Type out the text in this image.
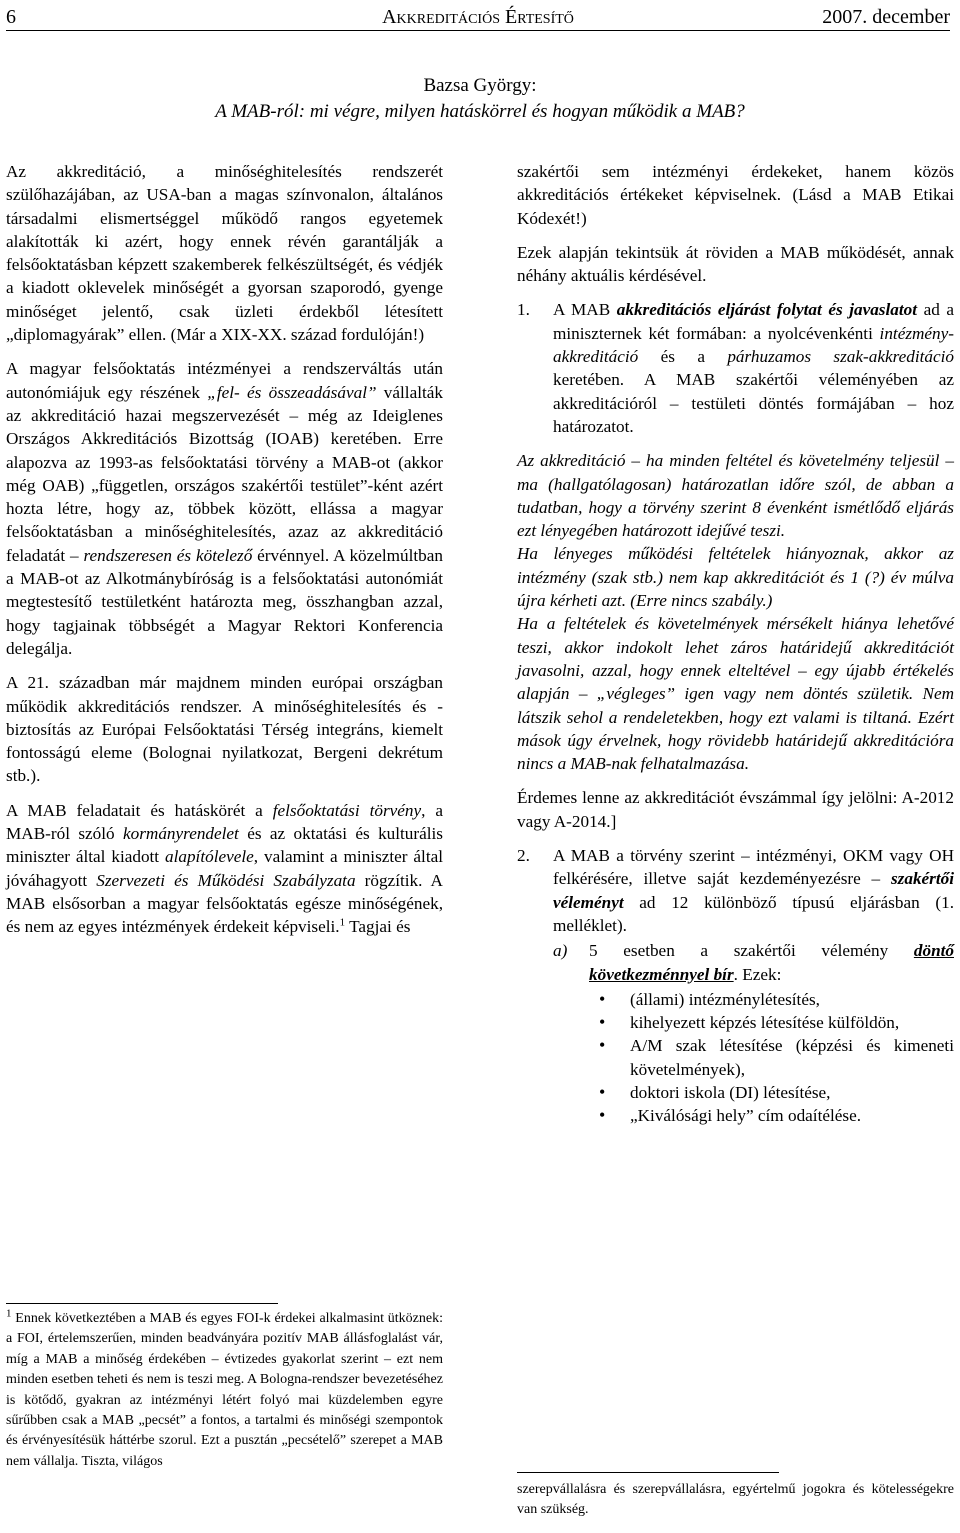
6	Akkreditációs Értesítő	2007. december
Bazsa György:
A MAB-ról: mi végre, milyen hatáskörrel és hogyan működik a MAB?

Az akkreditáció, a minőséghitelesítés rendszerét szülőhazájában, az USA-ban a magas színvonalon, általános társadalmi elismertséggel működő rangos egyetemek alakították ki azért, hogy ennek révén garantálják a felsőoktatásban képzett szakemberek felkészültségét, és védjék a kiadott oklevelek minőségét a gyorsan szaporodó, gyenge minőséget jelentő, csak üzleti érdekből létesített „diplomagyárak” ellen. (Már a XIX-XX. század fordulóján!)

A magyar felsőoktatás intézményei a rendszerváltás után autonómiájuk egy részének „fel- és összeadásával” vállalták az akkreditáció hazai megszervezését – még az Ideiglenes Országos Akkreditációs Bizottság (IOAB) keretében. Erre alapozva az 1993-as felsőoktatási törvény a MAB-ot (akkor még OAB) „független, országos szakértői testület”-ként azért hozta létre, hogy az, többek között, ellássa a magyar felsőoktatásban a minőséghitelesítés, azaz az akkreditáció feladatát – rendszeresen és kötelező érvénnyel. A közelmúltban a MAB-ot az Alkotmánybíróság is a felsőoktatási autonómiát megtestesítő testületként határozta meg, összhangban azzal, hogy tagjainak többségét a Magyar Rektori Konferencia delegálja.

A 21. században már majdnem minden európai országban működik akkreditációs rendszer. A minőséghitelesítés és -biztosítás az Európai Felsőoktatási Térség integráns, kiemelt fontosságú eleme (Bolognai nyilatkozat, Bergeni dekrétum stb.).

A MAB feladatait és hatáskörét a felsőoktatási törvény, a MAB-ról szóló kormányrendelet és az oktatási és kulturális miniszter által kiadott alapítólevele, valamint a miniszter által jóváhagyott Szervezeti és Működési Szabályzata rögzítik. A MAB elsősorban a magyar felsőoktatás egésze minőségének, és nem az egyes intézmények érdekeit képviseli.$^1$ Tagjai és

$^1$ Ennek következtében a MAB és egyes FOI-k érdekei alkalmasint ütköznek: a FOI, értelemszerűen, minden beadványára pozitív MAB állásfoglalást vár, míg a MAB a minőség érdekében – évtizedes gyakorlat szerint – ezt nem minden esetben teheti és nem is teszi meg. A Bologna-rendszer bevezetéséhez is kötődő, gyakran az intézményi létért folyó mai küzdelemben egyre sűrűbben csak a MAB „pecsét” a fontos, a tartalmi és minőségi szempontok és érvényesítésük háttérbe szorul. Ezt a pusztán „pecsételő” szerepet a MAB nem vállalja. Tiszta, világos

szakértői sem intézményi érdekeket, hanem közös akkreditációs értékeket képviselnek. (Lásd a MAB Etikai Kódexét!)

Ezek alapján tekintsük át röviden a MAB működését, annak néhány aktuális kérdésével.

1.	A MAB akkreditációs eljárást folytat és javaslatot ad a miniszternek két formában: a nyolcévenkénti intézmény-akkreditáció és a párhuzamos szak-akkreditáció keretében. A MAB szakértői véleményében az akkreditációról – testületi döntés formájában – hoz határozatot.

Az akkreditáció – ha minden feltétel és követelmény teljesül – ma (hallgatólagosan) határozatlan időre szól, de abban a tudatban, hogy a törvény szerint 8 évenként ismétlődő eljárás ezt lényegében határozott idejűvé teszi.

Ha lényeges működési feltételek hiányoznak, akkor az intézmény (szak stb.) nem kap akkreditációt és 1 (?) év múlva újra kérheti azt. (Erre nincs szabály.)

Ha a feltételek és követelmények mérsékelt hiánya lehetővé teszi, akkor indokolt lehet záros határidejű akkreditációt javasolni, azzal, hogy ennek elteltével – egy újabb értékelés alapján – „végleges” igen vagy nem döntés születik. Nem látszik sehol a rendeletekben, hogy ezt valami is tiltaná. Ezért mások úgy érvelnek, hogy rövidebb határidejű akkreditációra nincs a MAB-nak felhatalmazása.

Érdemes lenne az akkreditációt évszámmal így jelölni: A-2012 vagy A-2014.]

2.	A MAB a törvény szerint – intézményi, OKM vagy OH felkérésére, illetve saját kezdeményezésre – szakértői véleményt ad 12 különböző típusú eljárásban (1. melléklet).
a)	5 esetben a szakértői vélemény döntő következménnyel bír. Ezek:
• (állami) intézménylétesítés,
• kihelyezett képzés létesítése külföldön,
• A/M szak létesítése (képzési és kimeneti követelmények),
• doktori iskola (DI) létesítése,
• „Kiválósági hely” cím odaítélése.
szerepvállalásra és szerepvállalásra, egyértelmű jogokra és kötelességekre van szükség.
